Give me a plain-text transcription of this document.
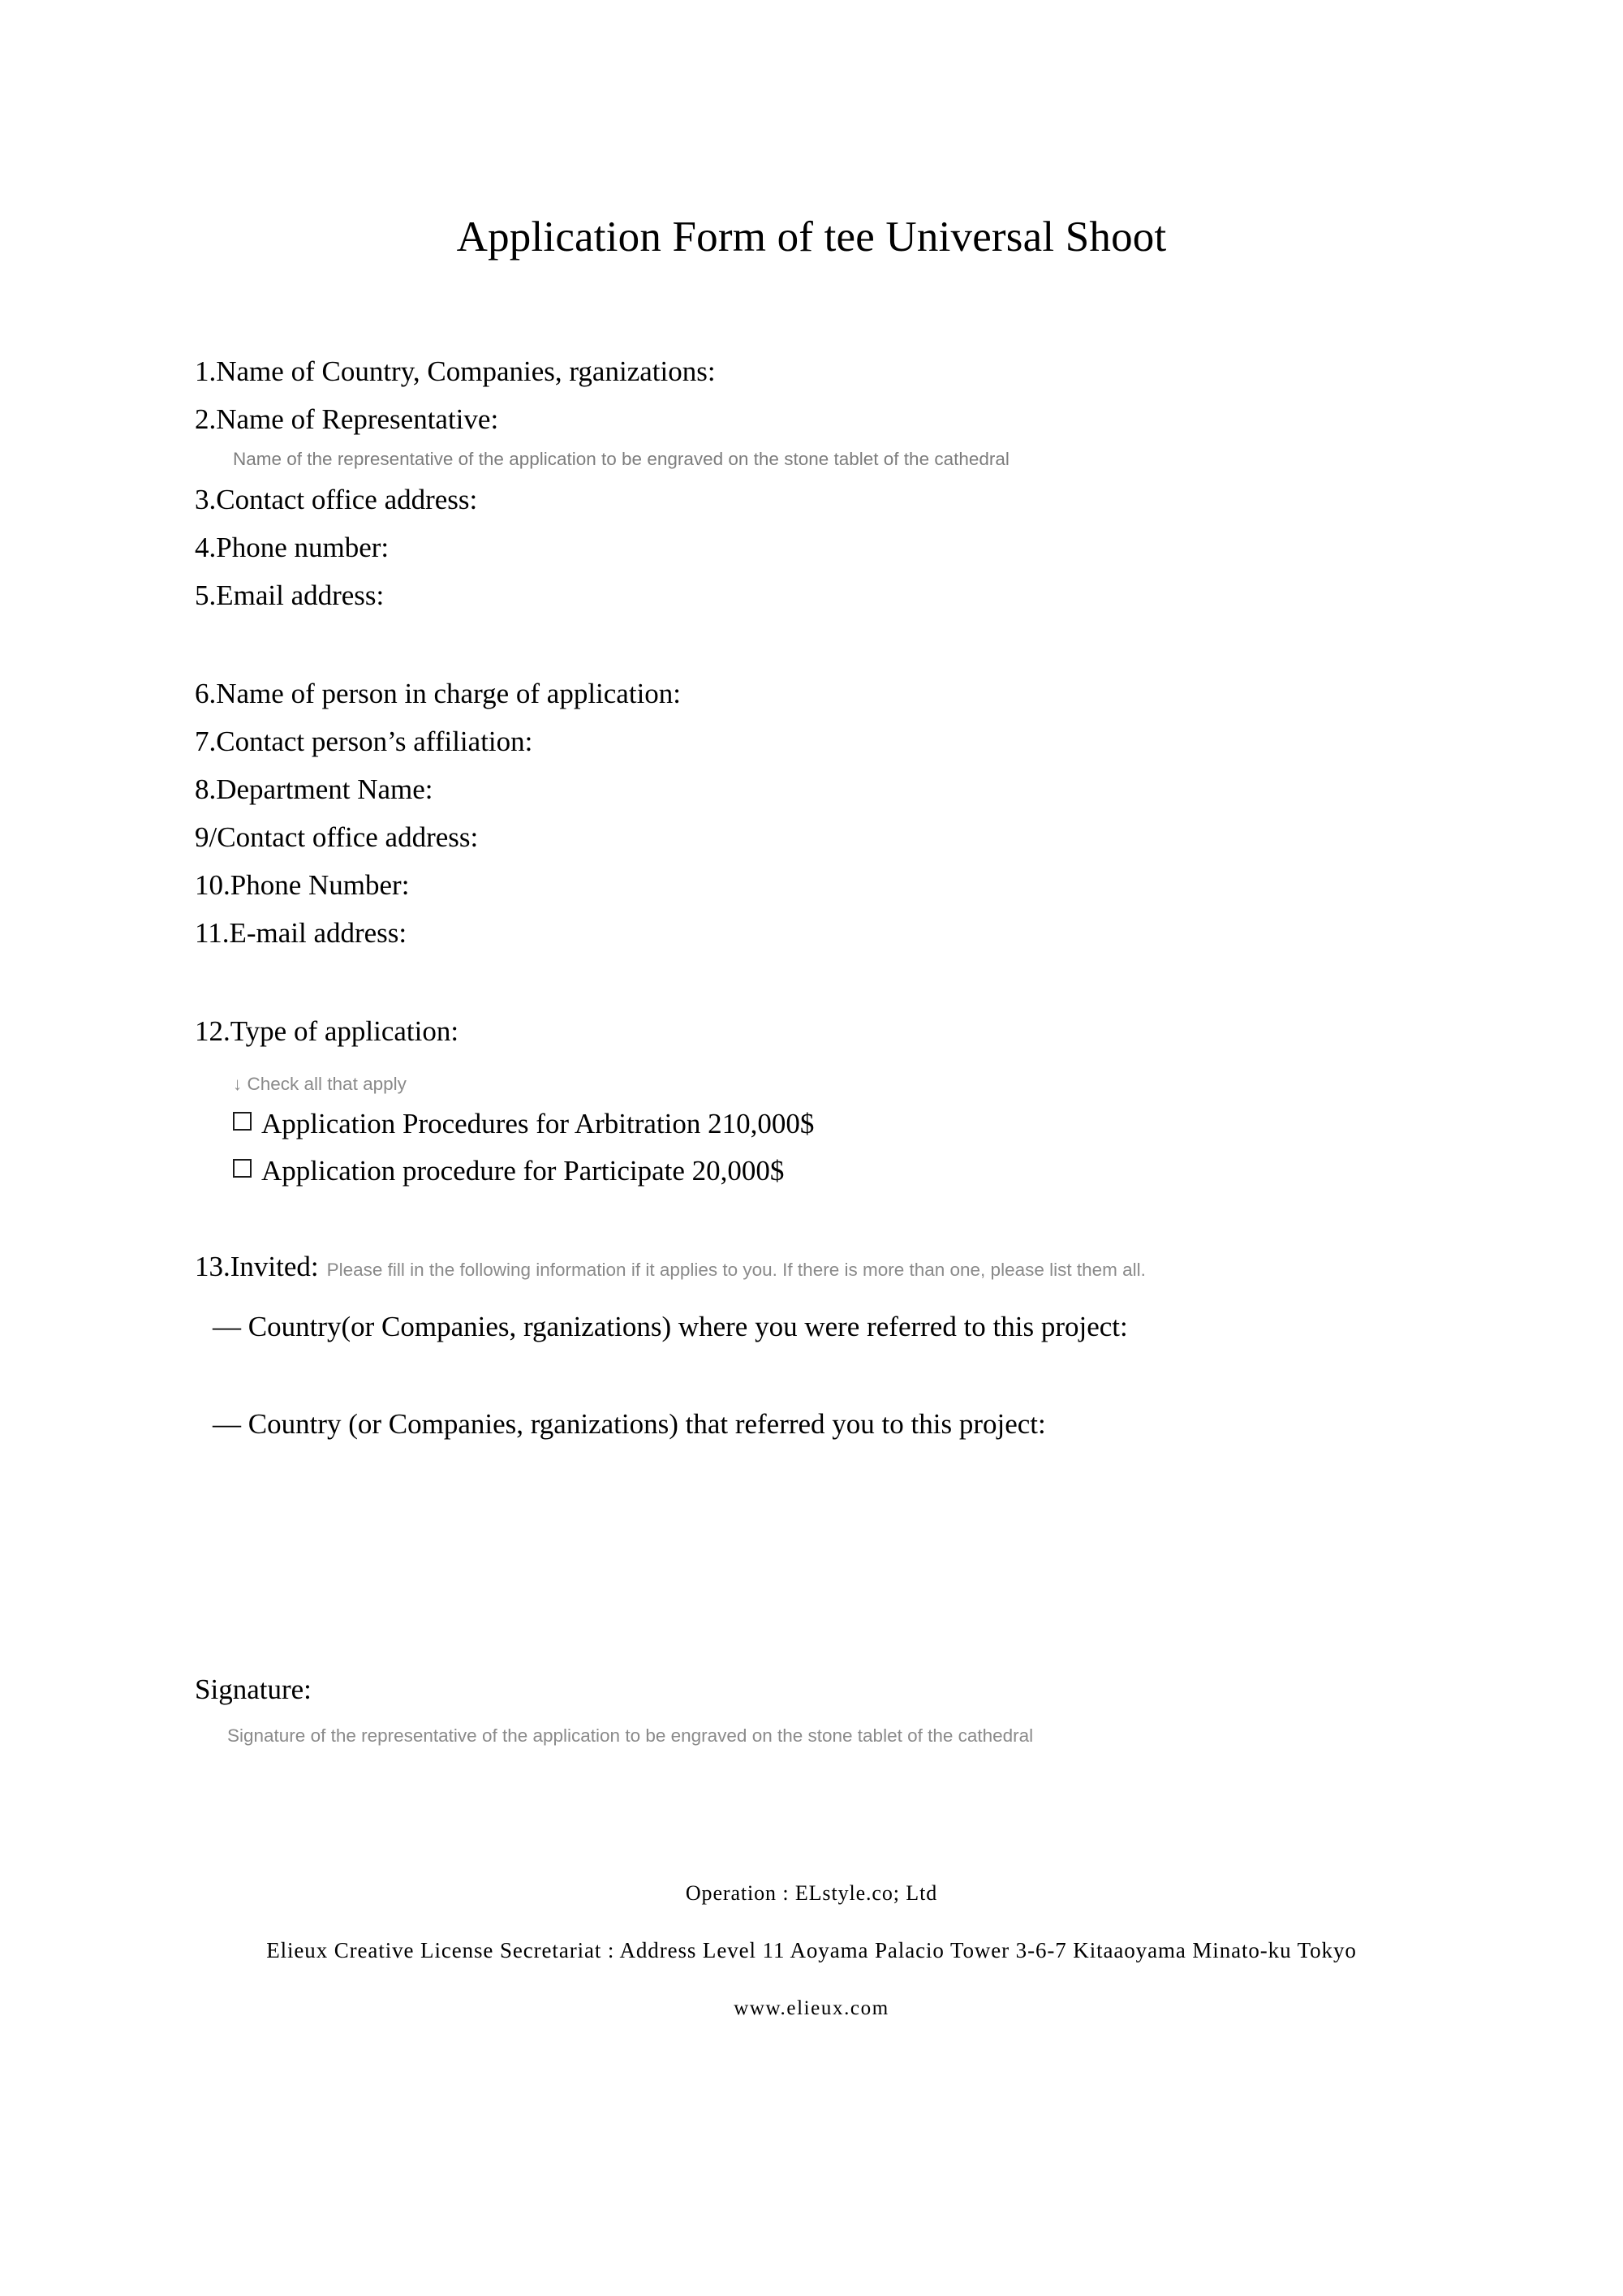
Application Form of tee Universal Shoot
1.Name of Country, Companies, rganizations:
2.Name of Representative:
Name of the representative of the application to be engraved on the stone tablet of the cathedral
3.Contact office address:
4.Phone number:
5.Email address:
6.Name of person in charge of application:
7.Contact person’s affiliation:
8.Department Name:
9/Contact office address:
10.Phone Number:
11.E-mail address:
12.Type of application:
↓ Check all that apply
Application Procedures for Arbitration 210,000$
Application procedure for Participate 20,000$
13.Invited: Please fill in the following information if it applies to you. If there is more than one, please list them all.
— Country(or Companies, rganizations) where you were referred to this project:
— Country (or Companies, rganizations) that referred you to this project:
Signature:
Signature of the representative of the application to be engraved on the stone tablet of the cathedral
Operation : ELstyle.co; Ltd
Elieux Creative License Secretariat : Address Level 11 Aoyama Palacio Tower 3-6-7 Kitaaoyama Minato-ku Tokyo
www.elieux.com
